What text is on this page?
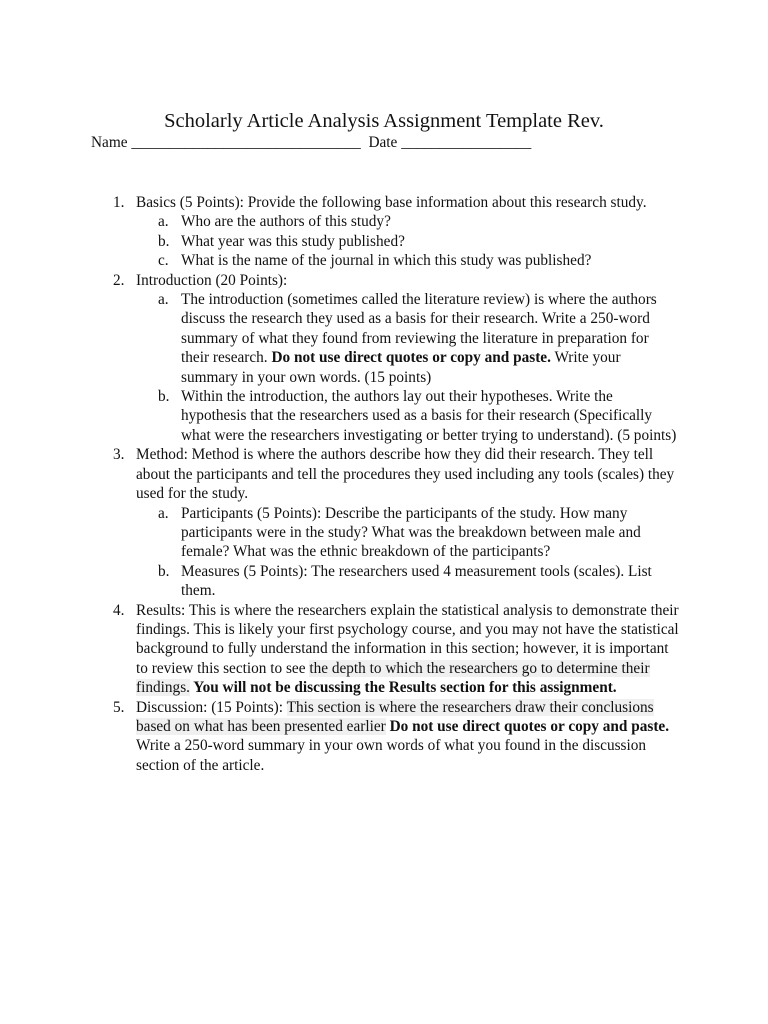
Scholarly Article Analysis Assignment Template Rev.
Name ______________________________ Date _________________
1. Basics (5 Points): Provide the following base information about this research study.
a. Who are the authors of this study?
b. What year was this study published?
c. What is the name of the journal in which this study was published?
2. Introduction (20 Points):
a. The introduction (sometimes called the literature review) is where the authors discuss the research they used as a basis for their research. Write a 250-word summary of what they found from reviewing the literature in preparation for their research. Do not use direct quotes or copy and paste. Write your summary in your own words. (15 points)
b. Within the introduction, the authors lay out their hypotheses. Write the hypothesis that the researchers used as a basis for their research (Specifically what were the researchers investigating or better trying to understand). (5 points)
3. Method: Method is where the authors describe how they did their research. They tell about the participants and tell the procedures they used including any tools (scales) they used for the study.
a. Participants (5 Points): Describe the participants of the study. How many participants were in the study? What was the breakdown between male and female? What was the ethnic breakdown of the participants?
b. Measures (5 Points): The researchers used 4 measurement tools (scales). List them.
4. Results: This is where the researchers explain the statistical analysis to demonstrate their findings. This is likely your first psychology course, and you may not have the statistical background to fully understand the information in this section; however, it is important to review this section to see the depth to which the researchers go to determine their findings. You will not be discussing the Results section for this assignment.
5. Discussion: (15 Points): This section is where the researchers draw their conclusions based on what has been presented earlier Do not use direct quotes or copy and paste. Write a 250-word summary in your own words of what you found in the discussion section of the article.
